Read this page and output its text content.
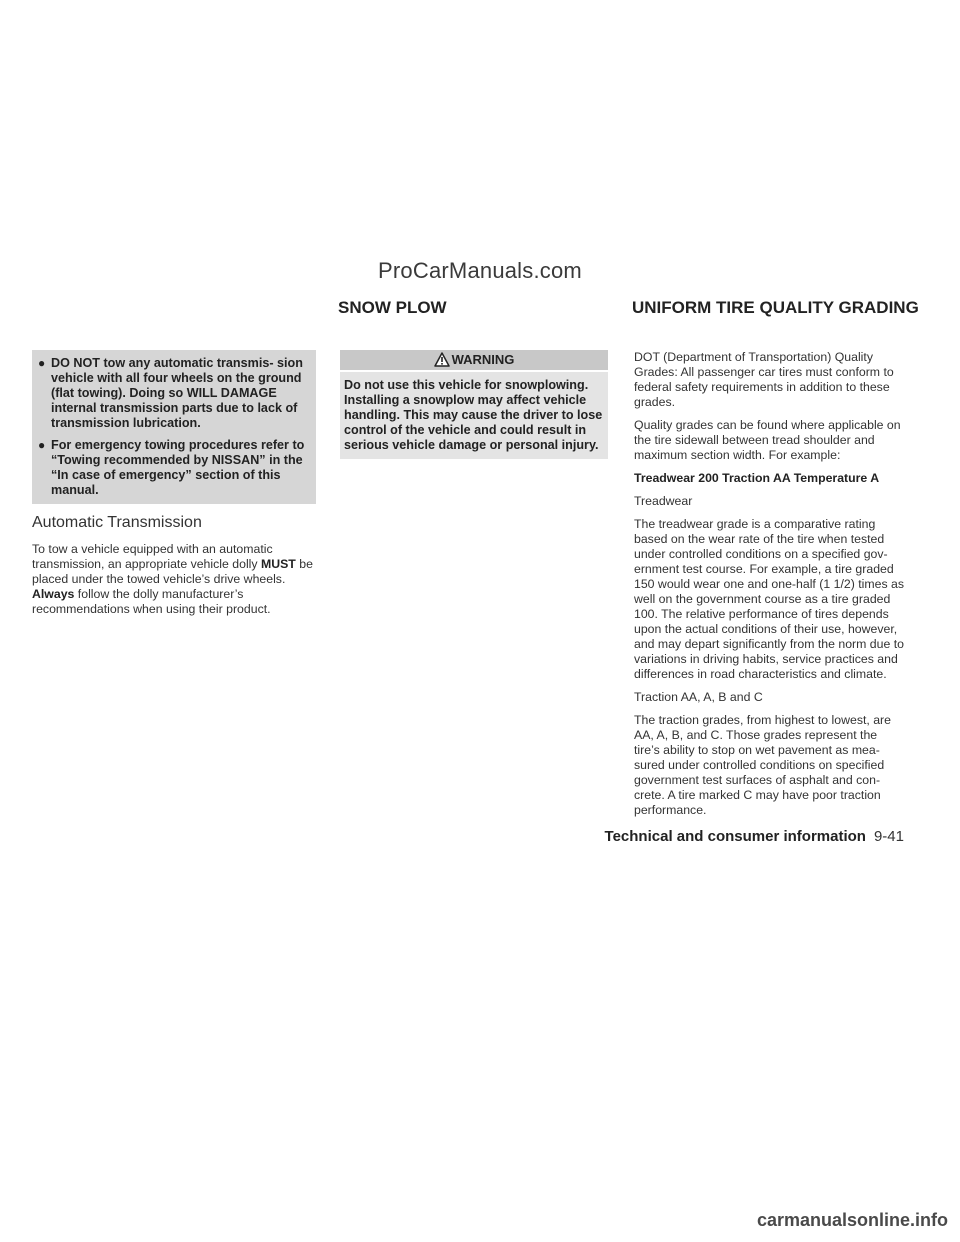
ProCarManuals.com
SNOW PLOW	UNIFORM TIRE QUALITY GRADING
● DO NOT tow any automatic transmis- sion vehicle with all four wheels on the ground (flat towing). Doing so WILL DAMAGE internal transmission parts due to lack of transmission lubrication.
● For emergency towing procedures refer to “Towing recommended by NISSAN” in the “In case of emergency” section of this manual.
Automatic Transmission

To tow a vehicle equipped with an automatic transmission, an appropriate vehicle dolly MUST be placed under the towed vehicle’s drive wheels. Always follow the dolly manufacturer’s recommendations when using their product.

WARNING
Do not use this vehicle for snowplowing. Installing a snowplow may affect vehicle handling. This may cause the driver to lose control of the vehicle and could result in serious vehicle damage or personal injury.

DOT (Department of Transportation) Quality Grades: All passenger car tires must conform to federal safety requirements in addition to these grades.

Quality grades can be found where applicable on the tire sidewall between tread shoulder and maximum section width. For example:

Treadwear 200 Traction AA Temperature A

Treadwear

The treadwear grade is a comparative rating based on the wear rate of the tire when tested under controlled conditions on a specified gov- ernment test course. For example, a tire graded 150 would wear one and one-half (1 1/2) times as well on the government course as a tire graded 100. The relative performance of tires depends upon the actual conditions of their use, however, and may depart significantly from the norm due to variations in driving habits, service practices and differences in road characteristics and climate.

Traction AA, A, B and C

The traction grades, from highest to lowest, are AA, A, B, and C. Those grades represent the tire’s ability to stop on wet pavement as mea- sured under controlled conditions on specified government test surfaces of asphalt and con- crete. A tire marked C may have poor traction performance.

Technical and consumer information 9-41
carmanualsonline.info
